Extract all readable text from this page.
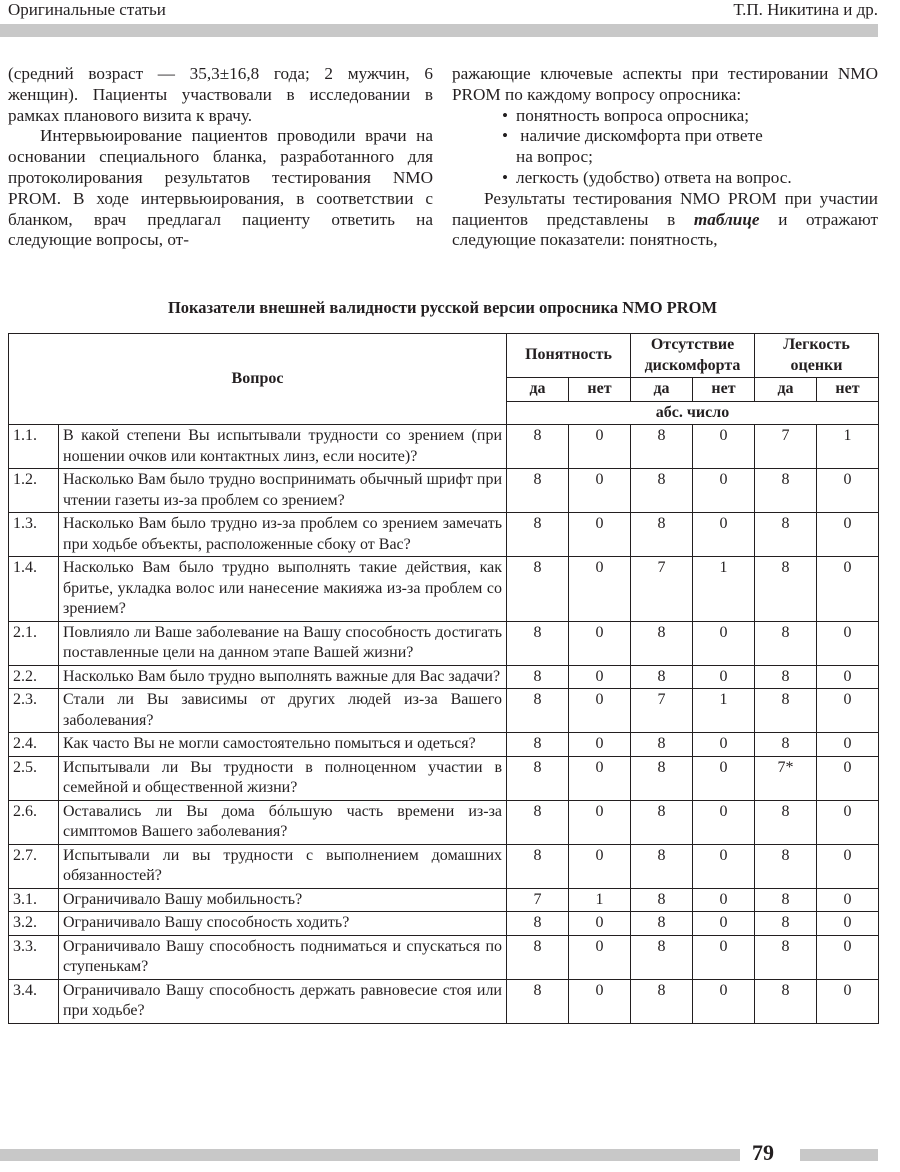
Оригинальные статьи	Т.П. Никитина и др.

(средний возраст — 35,3±16,8 года; 2 мужчин, 6 женщин). Пациенты участвовали в исследовании в рамках планового визита к врачу.

Интервьюирование пациентов проводили врачи на основании специального бланка, разработанного для протоколирования результатов тестирования NMO PROM. В ходе интервьюирования, в соответствии с бланком, врач предлагал пациенту ответить на следующие вопросы, от-

ражающие ключевые аспекты при тестировании NMO PROM по каждому вопросу опросника:

• понятность вопроса опросника;
• наличие дискомфорта при ответе
на вопрос;
• легкость (удобство) ответа на вопрос.

Результаты тестирования NMO PROM при участии пациентов представлены в таблице и отражают следующие показатели: понятность,

Показатели внешней валидности русской версии опросника NMO PROM
Вопрос		Понятность		Отсутствие дискомфорта		Легкость оценки	
		да	нет	да	нет	да	нет
		абс. число					
1.1.	В какой степени Вы испытывали трудности со зрением (при ношении очков или контактных линз, если носите)?	8	0	8	0	7	1
1.2.	Насколько Вам было трудно воспринимать обычный шрифт при чтении газеты из-за проблем со зрением?	8	0	8	0	8	0
1.3.	Насколько Вам было трудно из-за проблем со зрением замечать при ходьбе объекты, расположенные сбоку от Вас?	8	0	8	0	8	0
1.4.	Насколько Вам было трудно выполнять такие действия, как бритье, укладка волос или нанесение макияжа из-за проблем со зрением?	8	0	7	1	8	0
2.1.	Повлияло ли Ваше заболевание на Вашу способность достигать поставленные цели на данном этапе Вашей жизни?	8	0	8	0	8	0
2.2.	Насколько Вам было трудно выполнять важные для Вас задачи?	8	0	8	0	8	0
2.3.	Стали ли Вы зависимы от других людей из-за Вашего заболевания?	8	0	7	1	8	0
2.4.	Как часто Вы не могли самостоятельно помыться и одеться?	8	0	8	0	8	0
2.5.	Испытывали ли Вы трудности в полноценном участии в семейной и общественной жизни?	8	0	8	0	7*	0
2.6.	Оставались ли Вы дома бóльшую часть времени из-за симптомов Вашего заболевания?	8	0	8	0	8	0
2.7.	Испытывали ли вы трудности с выполнением домашних обязанностей?	8	0	8	0	8	0
3.1.	Ограничивало Вашу мобильность?	7	1	8	0	8	0
3.2.	Ограничивало Вашу способность ходить?	8	0	8	0	8	0
3.3.	Ограничивало Вашу способность подниматься и спускаться по ступенькам?	8	0	8	0	8	0
3.4.	Ограничивало Вашу способность держать равновесие стоя или при ходьбе?	8	0	8	0	8	0
79
